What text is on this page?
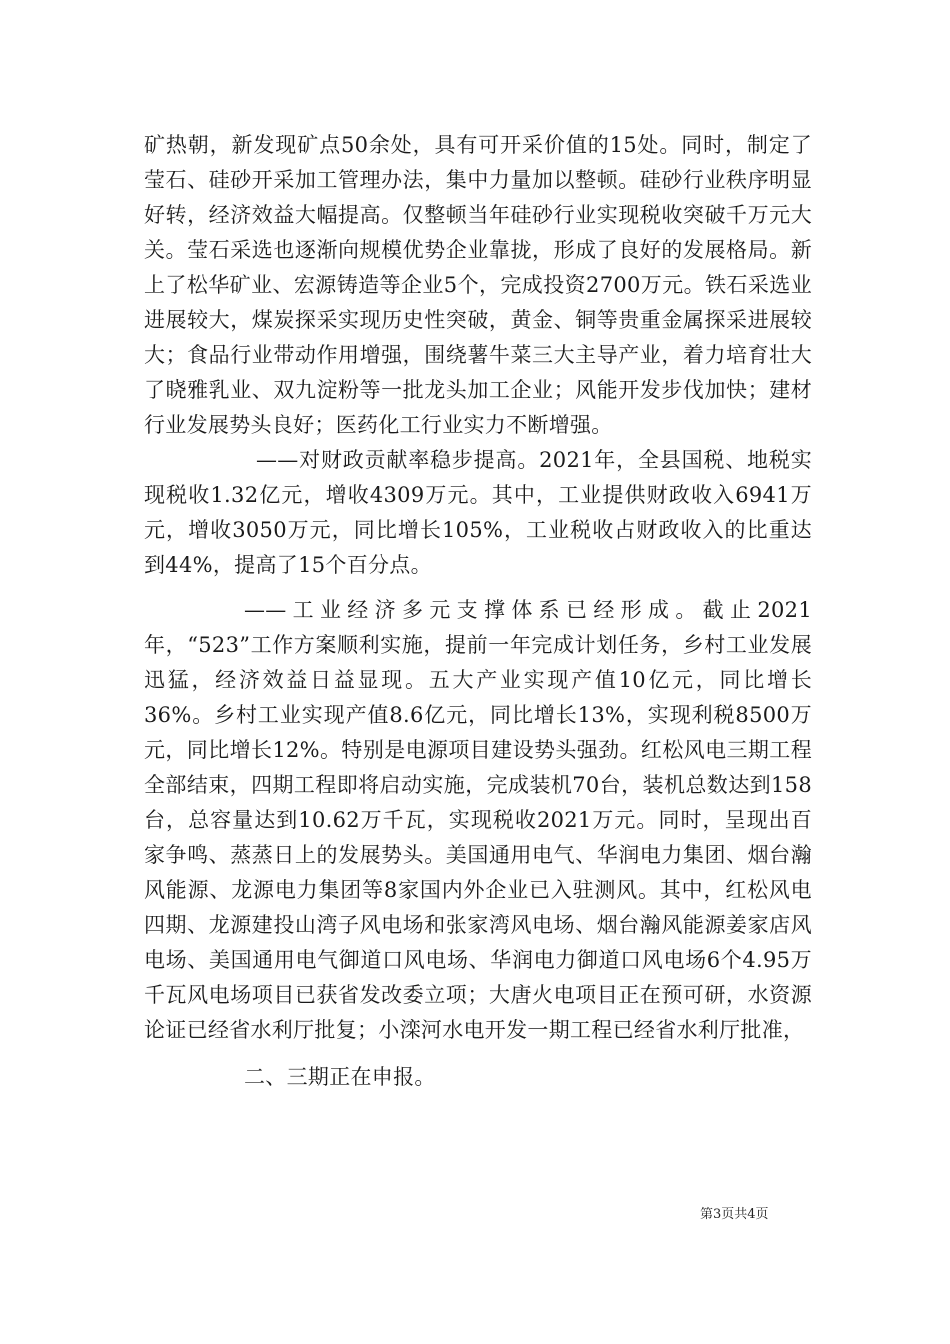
矿热朝，新发现矿点50余处，具有可开采价值的15处。同时，制定了莹石、硅砂开采加工管理办法，集中力量加以整顿。硅砂行业秩序明显好转，经济效益大幅提高。仅整顿当年硅砂行业实现税收突破千万元大关。莹石采选也逐渐向规模优势企业靠拢，形成了良好的发展格局。新上了松华矿业、宏源铸造等企业5个，完成投资2700万元。铁石采选业进展较大，煤炭探采实现历史性突破，黄金、铜等贵重金属探采进展较大；食品行业带动作用增强，围绕薯牛菜三大主导产业，着力培育壮大了晓雅乳业、双九淀粉等一批龙头加工企业；风能开发步伐加快；建材行业发展势头良好；医药化工行业实力不断增强。

——对财政贡献率稳步提高。2021年，全县国税、地税实现税收1.32亿元，增收4309万元。其中，工业提供财政收入6941万元，增收3050万元，同比增长105%，工业税收占财政收入的比重达到44%，提高了15个百分点。

——工业经济多元支撑体系已经形成。截止2021年，“523”工作方案顺利实施，提前一年完成计划任务，乡村工业发展迅猛，经济效益日益显现。五大产业实现产值10亿元，同比增长36%。乡村工业实现产值8.6亿元，同比增长13%，实现利税8500万元，同比增长12%。特别是电源项目建设势头强劲。红松风电三期工程全部结束，四期工程即将启动实施，完成装机70台，装机总数达到158台，总容量达到10.62万千瓦，实现税收2021万元。同时，呈现出百家争鸣、蒸蒸日上的发展势头。美国通用电气、华润电力集团、烟台瀚风能源、龙源电力集团等8家国内外企业已入驻测风。其中，红松风电四期、龙源建投山湾子风电场和张家湾风电场、烟台瀚风能源姜家店风电场、美国通用电气御道口风电场、华润电力御道口风电场6个4.95万千瓦风电场项目已获省发改委立项；大唐火电项目正在预可研，水资源论证已经省水利厅批复；小滦河水电开发一期工程已经省水利厅批准，

二、三期正在申报。

第3页共4页
